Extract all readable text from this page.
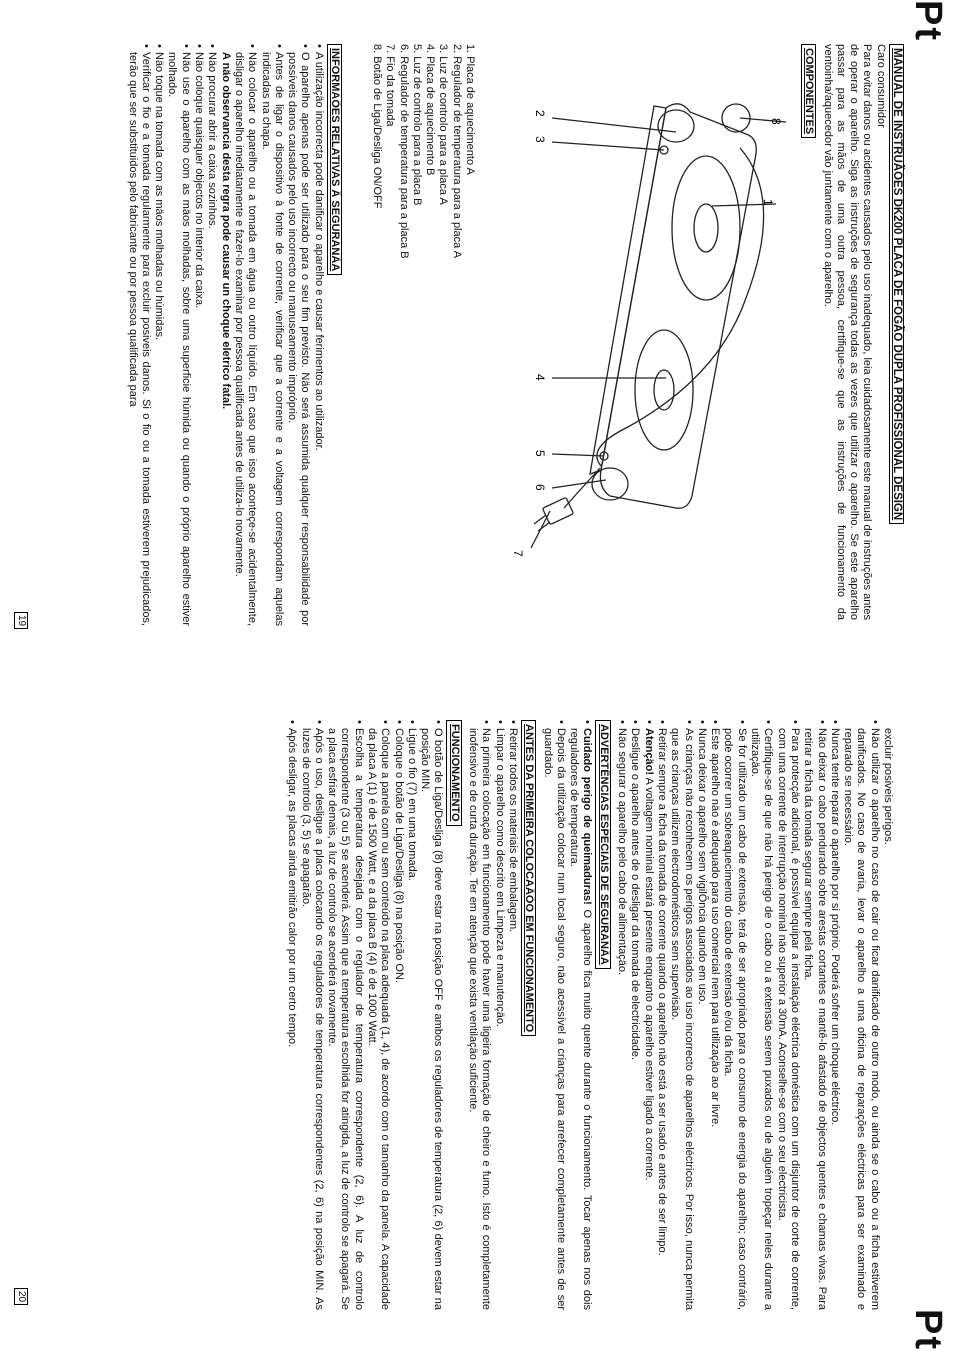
Pt
MANUAL DE INSTRUÃOES DK200 PLACA DE FOGÃO DUPLA PROFISSIONAL DESIGN

Caro consumidor

Para evitar danos ou acidentes causados pelo uso inadequado, leia cuidadosamente este manual de instruções antes de operar o aparelho. Siga as instruções de segurança todas as vezes que utilizar o aparelho. Se este aparelho passar para as mãos de uma outra pessoa, certifique-se que as instruções de funcionamento da ventoinha/aquecedor vão juntamente com o aparelho.

COMPONENTES
1
2
3
4
5
6
7
8
1. Placa de aquecimento A
2. Regulador de temperatura para a placa A
3. Luz de controlo para a placa A
4. Placa de aquecimento B
5. Luz de controlo para a placa B
6. Regulador de temperatura para a placa B
7. Fio da tomada
8. Botão de Liga/Desliga ON/OFF
INFORMAÕES RELATIVAS Ä SEGURANÃA
• A utilizaçäo incorrecta pode danificar o aparelho e causar ferimentos ao utilizador.
• O aparelho apenas pode ser utilizado para o seu fim previsto. Näo será assumida qualquer responsabilidade por possíveis danos causados pelo uso incorrecto ou manuseamento impróprio.
• Antes de ligar o dispositivo à fonte de corrente, verificar que a corrente e a voltagem correspondam aquelas indicadas na chapa.
• Näo colocar o aparelho ou a tomada em água ou outro líquido. Em caso que isso aconteçe-se acidentalmente, disligar o aparelho imediatamente e fazer-lo examinar por pessoa qualificada antes de utiliza-lo novamente.

A näo observancia desta regra pode causar un choque eletrico fatal.

• Näo procurar abrir a caixa sozinhos.
• Näo coloque quaisquer objectos no interior da caixa.
• Näo use o aparelho com as mäos molhadas, sobre uma superficie húmida ou quando o próprio aparelho estiver molhado.
• Näo toque na tomada com as mäos molhadas ou húmidas.
• Verificar o fio e a tomada regularmente para excluir posiveis danos. Si o fio ou a tomada estiverem prejudicados, terão que ser substituidos pelo fabricante ou por pessoa qualificada para
19
Pt

excluir posiveis perigos.

• Näo utilizar o aparelho no caso de cair ou ficar danificado de outro modo, ou ainda se o cabo ou a ficha estiverem danificados. No caso de avaria, levar o aparelho a uma oficina de reparações eléctricas para ser examinado e reparado se necessário.
• Nunca tente reparar o aparelho por si próprio. Poderá sofrer um choque eléctrico.
• Näo deixar o cabo pendurado sobre arestas cortantes e mantê-lo afastado de objectos quentes e chamas vivas. Para retirar a ficha da tomada segurar sempre pela ficha.
• Para protecçäo adicional, é possível equipar a instalaçäo eléctrica doméstica com um disjuntor de corte de corrente, com uma corrente de interrupçäo nominal näo superior a 30mA. Aconselhe-se com o seu electricista.
• Certifique-se de que näo há perigo de o cabo ou a extensäo serem puxados ou de alguém tropeçar neles durante a utilizaçäo.
• Se for utilizado um cabo de extensäo, terá de ser apropriado para o consumo de energia do aparelho; caso contrário, pode ocorrer um sobreaquecimento do cabo de extensäo e/ou da ficha.
• Este aparelho näo é adequado para uso comercial nem para utilizaçäo ao ar livre.
• Nunca deixar o aparelho sem vigilÕncia quando em uso.
• As crianças näo reconhecem os perigos associados ao uso incorrecto de aparelhos eléctricos. Por isso, nunca permita que as crianças utilizem electrodomésticos sem supervisäo.
• Retirar sempre a ficha da tomada de corrente quando o aparelho näo está a ser usado e antes de ser limpo.
• Atençäo! A voltagem nominal estará presente enquanto o aparelho estiver ligado a corrente.
• Desligue o aparelho antes de o desligar da tomada de electricidade.
• Näo segurar o aparelho pelo cabo de alimentaçäo.
ADVERTÊNCIAS ESPECIAIS DE SEGURANÃA
• Cuidado perigo de queimaduras! O aparelho fica muito quente durante o funcionamento. Tocar apenas nos dois reguladores de temperatura.
• Depois da utilizaçäo colocar num local seguro, näo acessível a crianças para arrefecer completamente antes de ser guardado.
ANTES DA PRIMEIRA COLOCAÃÕO EM FUNCIONAMENTO
• Retirar todos os materiais de embalagem.
• Limpar o aparelho como descrito em Limpeza e manutençäo.
• Na primeira colocaçäo em funcionamento pode haver uma ligeira formaçäo de cheiro e fumo. Isto é completamente inofensivo e de curta duraçäo. Ter em atençäo que exista ventilaçäo suficiente.
FUNCIONAMENTO
• O botão de Liga/Desliga (8) deve estar na posição OFF e ambos os reguladores de temperatura (2, 6) devem estar na posição MIN.
• Ligue o fio (7) em uma tomada.
• Coloque o botão de Liga/Desliga (8) na posição ON.
• Coloque a panela com ou sem conteúdo na placa adequada (1, 4), de acordo com o tamanho da panela. A capacidade da placa A (1) é de 1500 Watt, e a da placa B (4) é de 1000 Watt.
• Escolha a temperatura desejada com o regulador de temperatura correspondente (2, 6). A luz de controlo correspondente (3 ou 5) se acenderá. Assim que a temperatura escolhida for atingida, a luz de controlo se apagará. Se a placa esfriar demais, a luz de controlo se acenderá novamente.
• Após o uso, desligue a placa colocando os reguladores de temperatura correspondentes (2, 6) na posição MIN. As luzes de controlo (3, 5) se apagarão.
• Após desligar, as placas ainda emitirão calor por um certo tempo.
20
